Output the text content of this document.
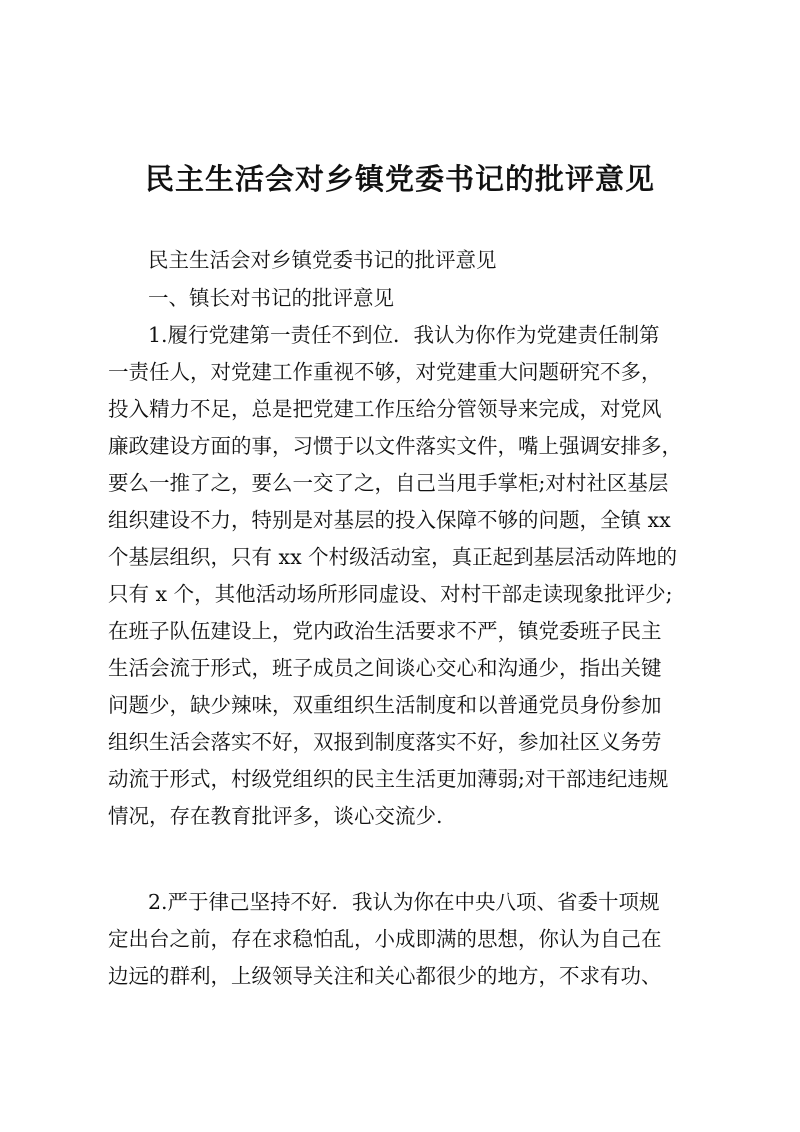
民主生活会对乡镇党委书记的批评意见

民主生活会对乡镇党委书记的批评意见

一、镇长对书记的批评意见

1.履行党建第一责任不到位．我认为你作为党建责任制第

一责任人，对党建工作重视不够，对党建重大问题研究不多，

投入精力不足，总是把党建工作压给分管领导来完成，对党风

廉政建设方面的事，习惯于以文件落实文件，嘴上强调安排多，

要么一推了之，要么一交了之，自己当甩手掌柜;对村社区基层

组织建设不力，特别是对基层的投入保障不够的问题，全镇 xx

个基层组织，只有 xx 个村级活动室，真正起到基层活动阵地的

只有 x 个，其他活动场所形同虚设、对村干部走读现象批评少;

在班子队伍建设上，党内政治生活要求不严，镇党委班子民主

生活会流于形式，班子成员之间谈心交心和沟通少，指出关键

问题少，缺少辣味，双重组织生活制度和以普通党员身份参加

组织生活会落实不好，双报到制度落实不好，参加社区义务劳

动流于形式，村级党组织的民主生活更加薄弱;对干部违纪违规

情况，存在教育批评多，谈心交流少.

2.严于律己坚持不好．我认为你在中央八项、省委十项规

定出台之前，存在求稳怕乱，小成即满的思想，你认为自己在

边远的群利，上级领导关注和关心都很少的地方，不求有功、
